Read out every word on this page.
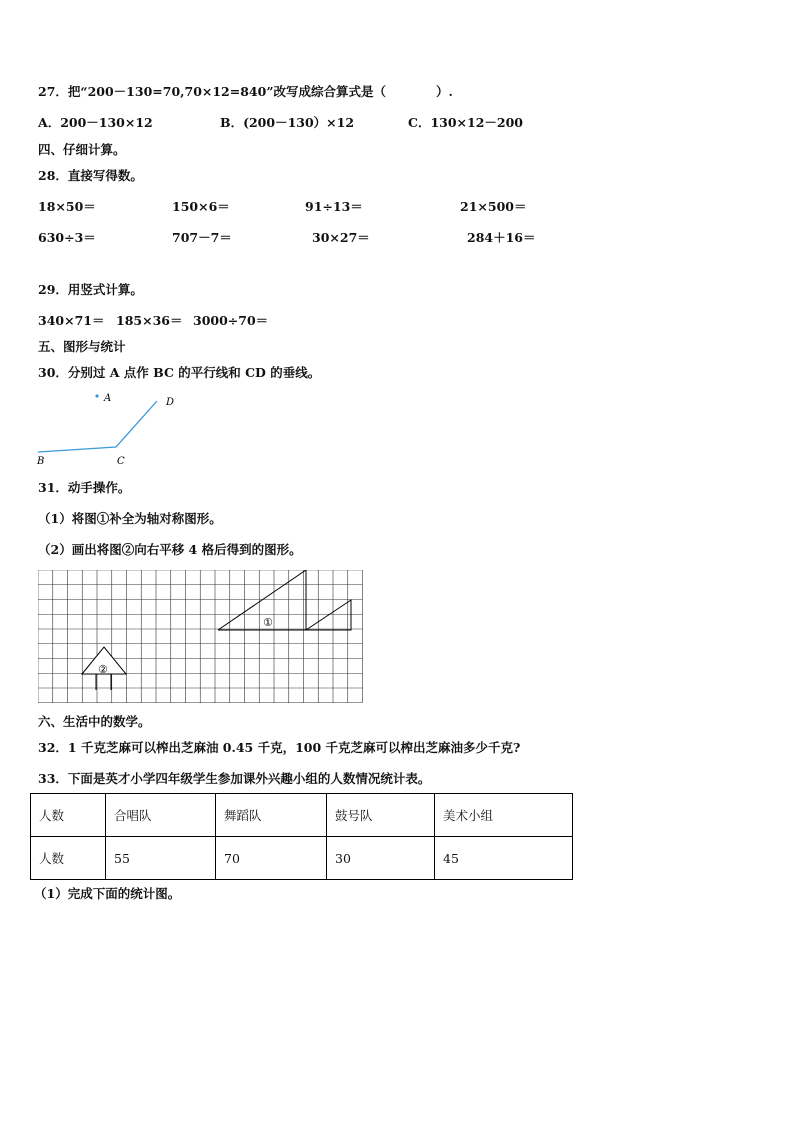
27．把“200－130=70,70×12=840”改写成综合算式是（　　　　）.
A．200－130×12	B．(200－130）×12	C．130×12－200
四、仔细计算。
28．直接写得数。
18×50＝	150×6＝	91÷13＝	21×500＝
630÷3＝	707－7＝	30×27＝	284＋16＝
29．用竖式计算。
340×71＝ 185×36＝ 3000÷70＝
五、图形与统计
30．分别过 A 点作 BC 的平行线和 CD 的垂线。
A
B	C
D
31．动手操作。
（1）将图①补全为轴对称图形。
（2）画出将图②向右平移 4 格后得到的图形。
①
②
六、生活中的数学。
32．1 千克芝麻可以榨出芝麻油 0.45 千克，100 千克芝麻可以榨出芝麻油多少千克?
33．下面是英才小学四年级学生参加课外兴趣小组的人数情况统计表。
人数	合唱队	舞蹈队	鼓号队	美术小组
人数	55	70	30	45
（1）完成下面的统计图。
